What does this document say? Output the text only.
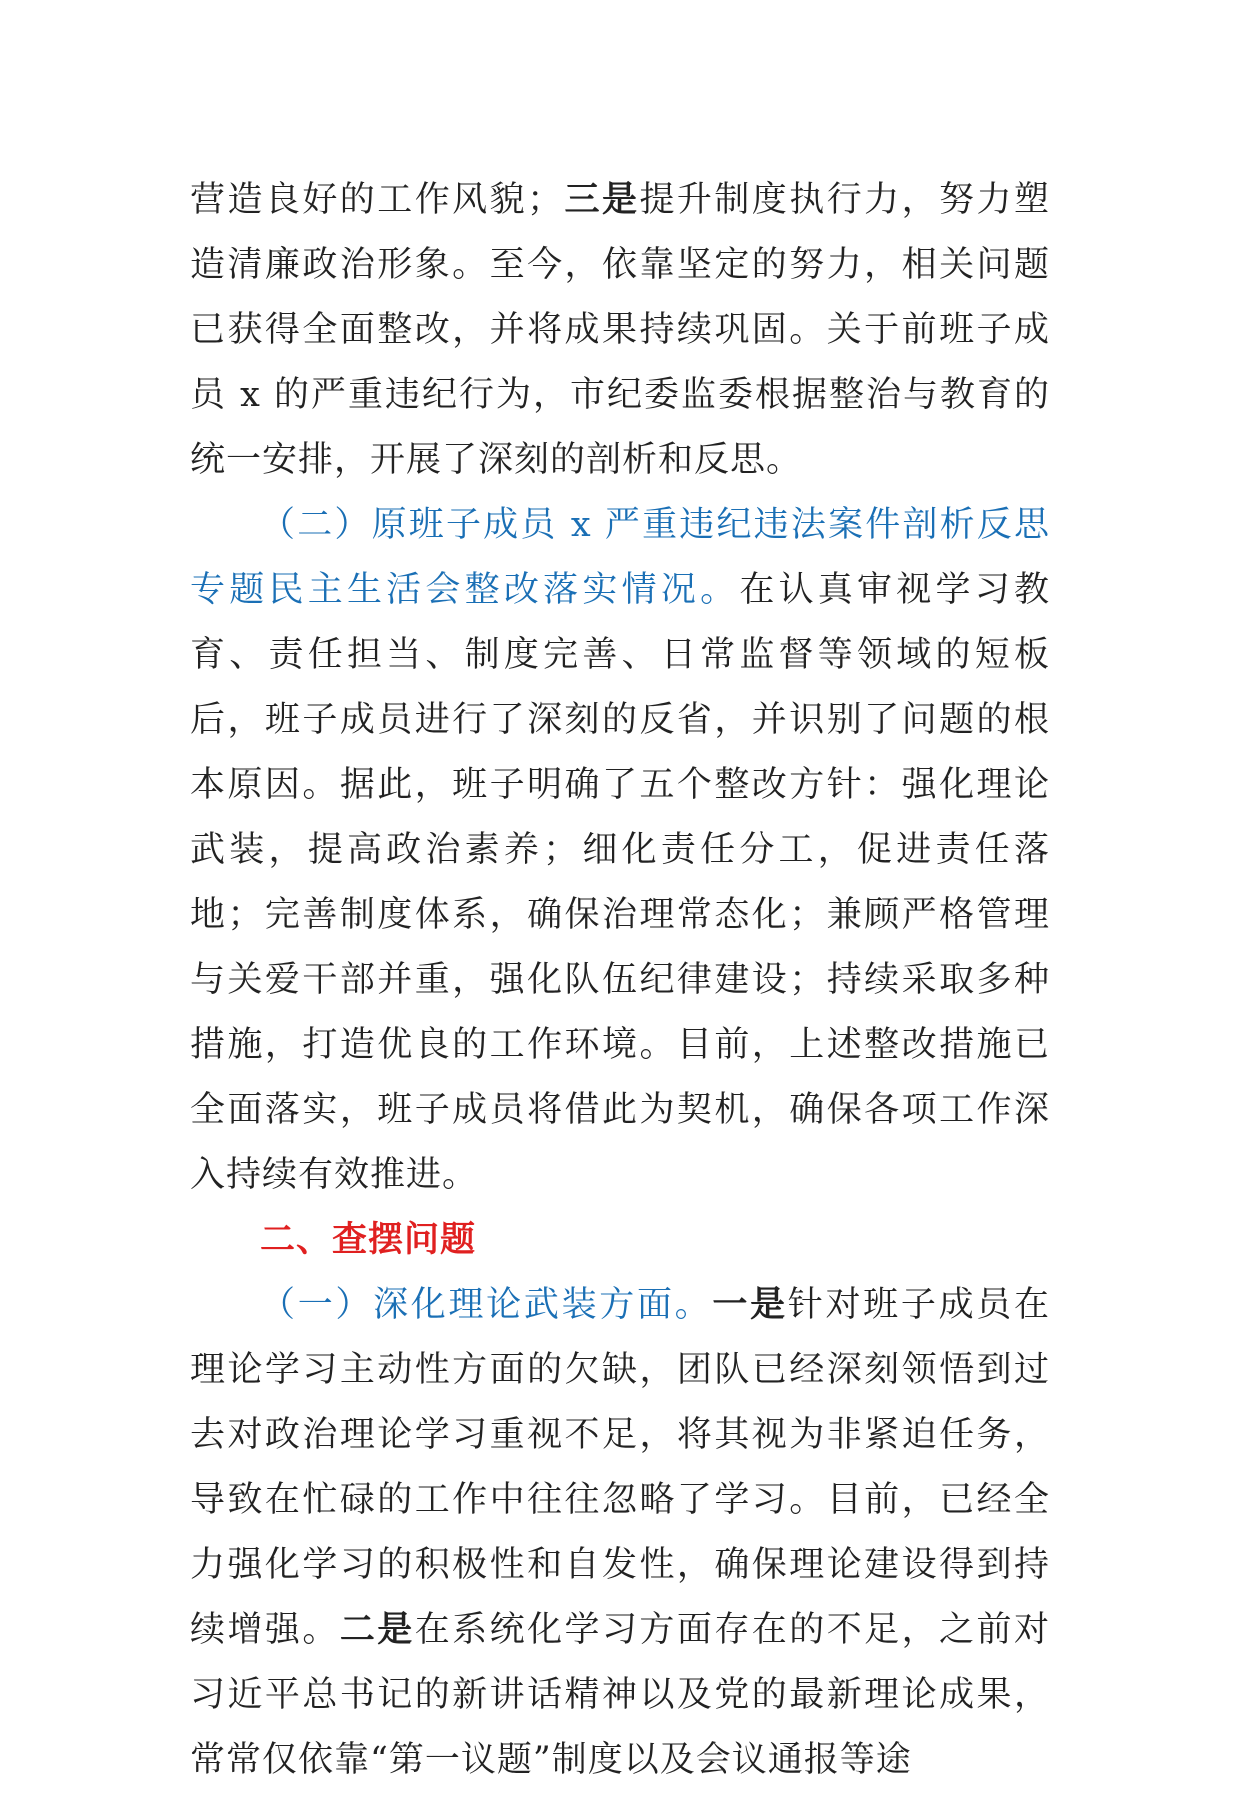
营造良好的工作风貌；三是提升制度执行力，努力塑造清廉政治形象。至今，依靠坚定的努力，相关问题已获得全面整改，并将成果持续巩固。关于前班子成员 x 的严重违纪行为，市纪委监委根据整治与教育的统一安排，开展了深刻的剖析和反思。

（二）原班子成员 x 严重违纪违法案件剖析反思专题民主生活会整改落实情况。在认真审视学习教育、责任担当、制度完善、日常监督等领域的短板后，班子成员进行了深刻的反省，并识别了问题的根本原因。据此，班子明确了五个整改方针：强化理论武装，提高政治素养；细化责任分工，促进责任落地；完善制度体系，确保治理常态化；兼顾严格管理与关爱干部并重，强化队伍纪律建设；持续采取多种措施，打造优良的工作环境。目前，上述整改措施已全面落实，班子成员将借此为契机，确保各项工作深入持续有效推进。

二、查摆问题

（一）深化理论武装方面。一是针对班子成员在理论学习主动性方面的欠缺，团队已经深刻领悟到过去对政治理论学习重视不足，将其视为非紧迫任务，导致在忙碌的工作中往往忽略了学习。目前，已经全力强化学习的积极性和自发性，确保理论建设得到持续增强。二是在系统化学习方面存在的不足，之前对习近平总书记的新讲话精神以及党的最新理论成果，常常仅依靠“第一议题”制度以及会议通报等途
